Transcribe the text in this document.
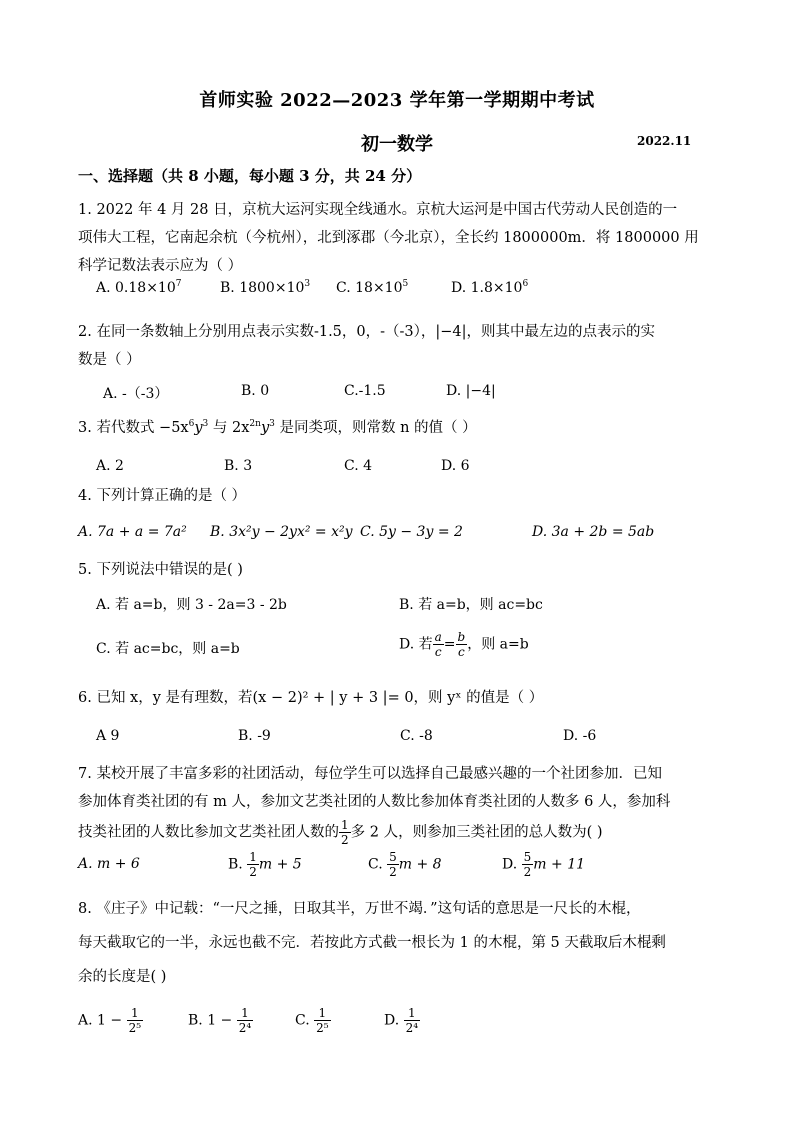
首师实验 2022—2023 学年第一学期期中考试
初一数学	2022.11
一、选择题（共 8 小题，每小题 3 分，共 24 分）
1. 2022 年 4 月 28 日，京杭大运河实现全线通水。京杭大运河是中国古代劳动人民创造的一
项伟大工程，它南起余杭（今杭州），北到涿郡（今北京），全长约 1800000m．将 1800000 用
科学记数法表示应为（ ）
A. $0.18\times 10^7$	B. $1800\times 10^3$ C. $18\times 10^5$	D. $1.8\times 10^6$
2. 在同一条数轴上分别用点表示实数-1.5，0，-（-3），|−4|，则其中最左边的点表示的实
数是（ ）
A. -（-3）	B. 0	C.-1.5	D. |−4|
3. 若代数式 $-5x^6y^3$ 与 $2x^{2n}y^3$ 是同类项，则常数 n 的值（ ）
A. 2	B. 3	C. 4	D. 6
4. 下列计算正确的是（ ）
A. 7a + a = 7a² B. 3x²y − 2yx² = x²y C. 5y − 3y = 2	D. 3a + 2b = 5ab
5. 下列说法中错误的是( )
A. 若 a=b，则 3 - 2a=3 - 2b	B. 若 a=b，则 ac=bc
C. 若 ac=bc，则 a=b	D. 若 $\frac{a}{c} = \frac{b}{c}$ ，则 a=b
6. 已知 x，y 是有理数，若(x − 2)² + | y + 3 |= 0，则 yˣ 的值是（ ）
A 9	B. -9	C. -8	D. -6
7. 某校开展了丰富多彩的社团活动，每位学生可以选择自己最感兴趣的一个社团参加．已知
参加体育类社团的有 m 人，参加文艺类社团的人数比参加体育类社团的人数多 6 人，参加科
技类社团的人数比参加文艺类社团人数的 $\frac{1}{2}$ 多 2 人，则参加三类社团的总人数为( )
A. m + 6	B. $\frac{1}{2}$ m + 5	C. $\frac{5}{2}$ m + 8	D. $\frac{5}{2}$ m + 11
8. 《庄子》中记载：“一尺之捶，日取其半，万世不竭．”这句话的意思是一尺长的木棍，
每天截取它的一半，永远也截不完．若按此方式截一根长为 1 的木棍，第 5 天截取后木棍剩
余的长度是( )
A. $1 - \frac{1}{\text{2⁵}}$	B. $1 - \frac{1}{\text{2⁴}}$	C. $\frac{1}{\text{2⁵}}$	D. $\frac{1}{\text{2⁴}}$
